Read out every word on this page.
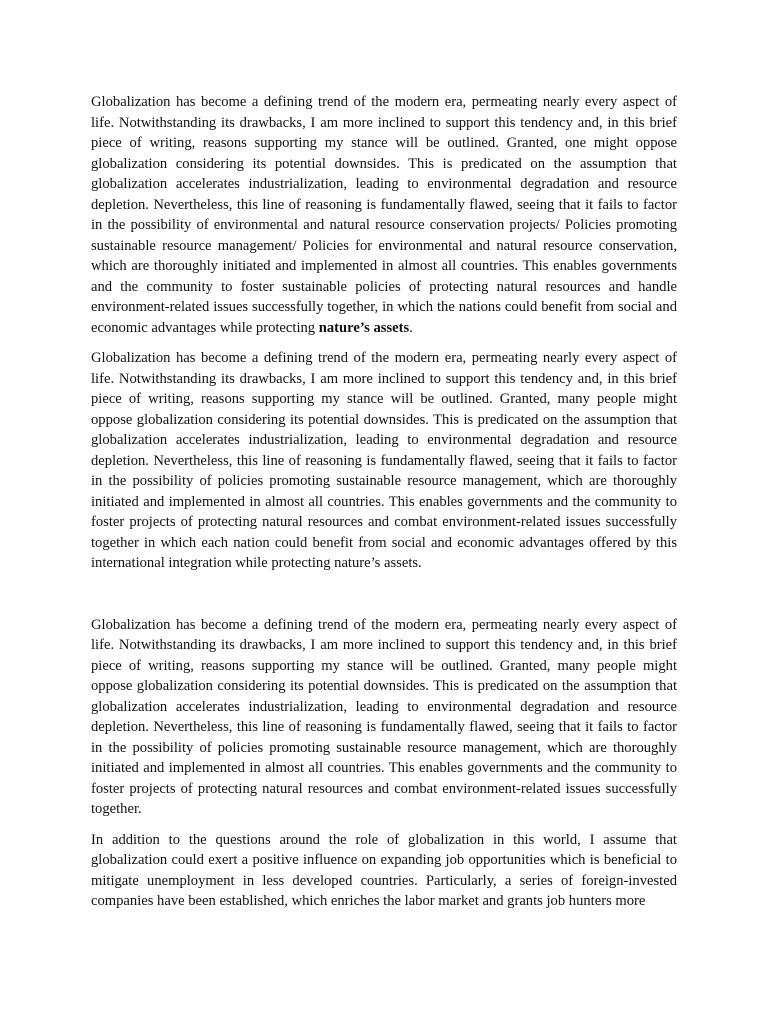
Globalization has become a defining trend of the modern era, permeating nearly every aspect of life. Notwithstanding its drawbacks, I am more inclined to support this tendency and, in this brief piece of writing, reasons supporting my stance will be outlined. Granted, one might oppose globalization considering its potential downsides. This is predicated on the assumption that globalization accelerates industrialization, leading to environmental degradation and resource depletion. Nevertheless, this line of reasoning is fundamentally flawed, seeing that it fails to factor in the possibility of environmental and natural resource conservation projects/ Policies promoting sustainable resource management/ Policies for environmental and natural resource conservation, which are thoroughly initiated and implemented in almost all countries. This enables governments and the community to foster sustainable policies of protecting natural resources and handle environment-related issues successfully together, in which the nations could benefit from social and economic advantages while protecting nature’s assets.

Globalization has become a defining trend of the modern era, permeating nearly every aspect of life. Notwithstanding its drawbacks, I am more inclined to support this tendency and, in this brief piece of writing, reasons supporting my stance will be outlined. Granted, many people might oppose globalization considering its potential downsides. This is predicated on the assumption that globalization accelerates industrialization, leading to environmental degradation and resource depletion. Nevertheless, this line of reasoning is fundamentally flawed, seeing that it fails to factor in the possibility of policies promoting sustainable resource management, which are thoroughly initiated and implemented in almost all countries. This enables governments and the community to foster projects of protecting natural resources and combat environment-related issues successfully together in which each nation could benefit from social and economic advantages offered by this international integration while protecting nature’s assets.

Globalization has become a defining trend of the modern era, permeating nearly every aspect of life. Notwithstanding its drawbacks, I am more inclined to support this tendency and, in this brief piece of writing, reasons supporting my stance will be outlined. Granted, many people might oppose globalization considering its potential downsides. This is predicated on the assumption that globalization accelerates industrialization, leading to environmental degradation and resource depletion. Nevertheless, this line of reasoning is fundamentally flawed, seeing that it fails to factor in the possibility of policies promoting sustainable resource management, which are thoroughly initiated and implemented in almost all countries. This enables governments and the community to foster projects of protecting natural resources and combat environment-related issues successfully together.

In addition to the questions around the role of globalization in this world, I assume that globalization could exert a positive influence on expanding job opportunities which is beneficial to mitigate unemployment in less developed countries. Particularly, a series of foreign-invested companies have been established, which enriches the labor market and grants job hunters more
